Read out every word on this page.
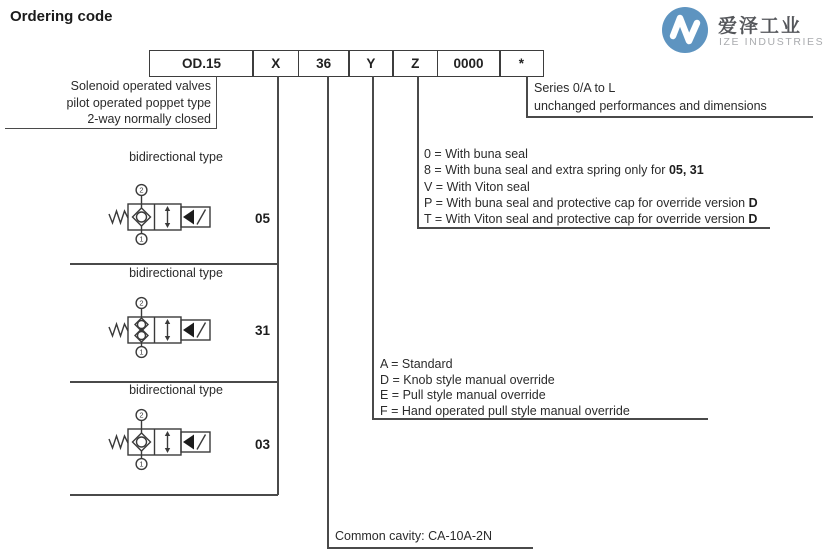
Ordering code	爱泽工业
IZE INDUSTRIES
OD.15	X	36	Y	Z	0000	*
Solenoid operated valves
pilot operated poppet type
2-way normally closed
Series 0/A to L
unchanged performances and dimensions
0 = With buna seal
8 = With buna seal and extra spring only for 05, 31
V = With Viton seal
P = With buna seal and protective cap for override version D
T = With Viton seal and protective cap for override version D
A = Standard
D = Knob style manual override
E = Pull style manual override
F = Hand operated pull style manual override
Common cavity: CA-10A-2N
bidirectional type
2
1
05
bidirectional type
2
1
31
bidirectional type
2
1
03
